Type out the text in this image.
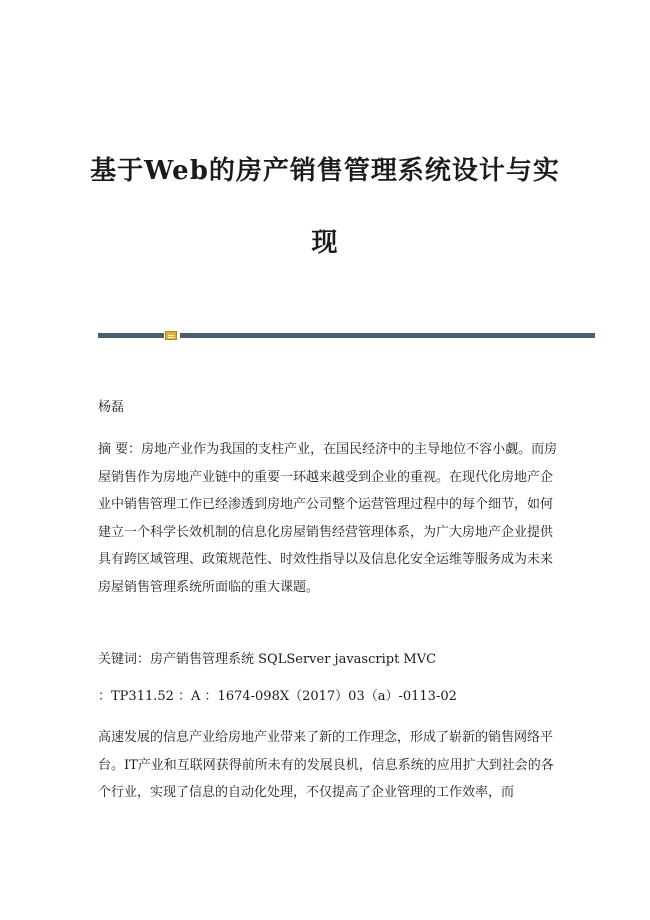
基于Web的房产销售管理系统设计与实
现

杨磊

摘 要：房地产业作为我国的支柱产业，在国民经济中的主导地位不容小觑。而房屋销售作为房地产业链中的重要一环越来越受到企业的重视。在现代化房地产企业中销售管理工作已经渗透到房地产公司整个运营管理过程中的每个细节，如何建立一个科学长效机制的信息化房屋销售经营管理体系，为广大房地产企业提供具有跨区域管理、政策规范性、时效性指导以及信息化安全运维等服务成为未来房屋销售管理系统所面临的重大课题。

关键词：房产销售管理系统 SQLServer javascript MVC

：TP311.52 ：A ：1674-098X（2017）03（a）-0113-02

高速发展的信息产业给房地产业带来了新的工作理念，形成了崭新的销售网络平台。IT产业和互联网获得前所未有的发展良机，信息系统的应用扩大到社会的各个行业，实现了信息的自动化处理，不仅提高了企业管理的工作效率，而
